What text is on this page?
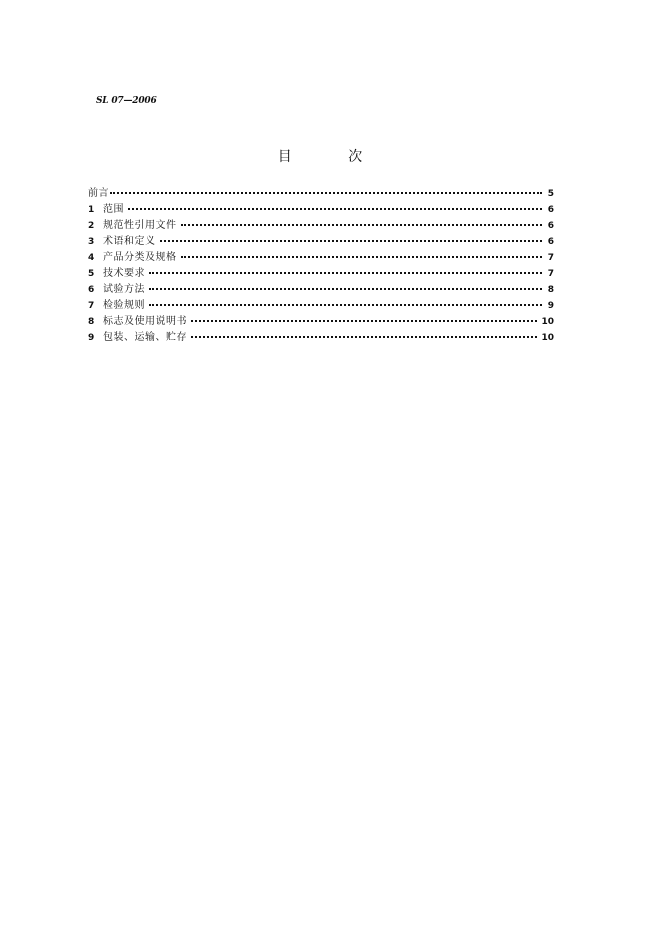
SL 07—2006
目 次
前言	5
1 范围	6
2 规范性引用文件	6
3 术语和定义	6
4 产品分类及规格	7
5 技术要求	7
6 试验方法	8
7 检验规则	9
8 标志及使用说明书	10
9 包装、运输、贮存	10
